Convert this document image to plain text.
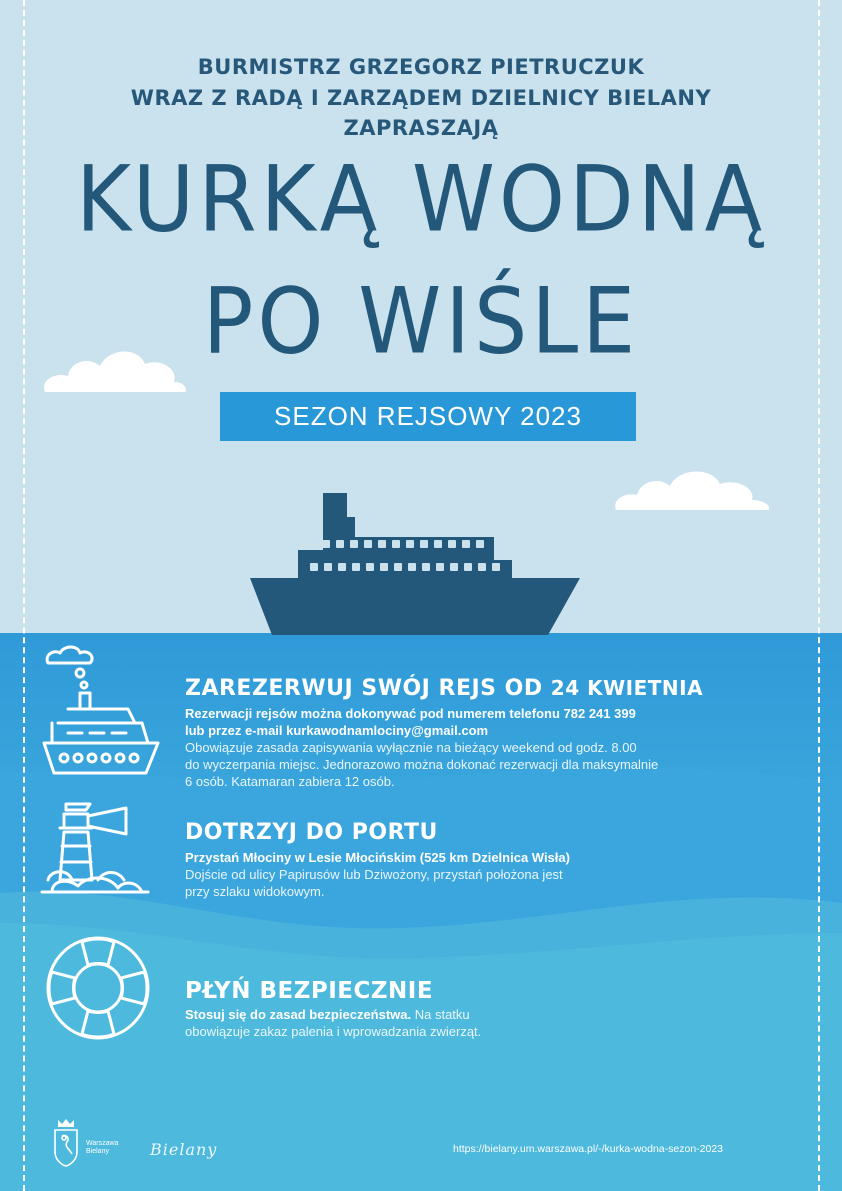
BURMISTRZ GRZEGORZ PIETRUCZUK
WRAZ Z RADĄ I ZARZĄDEM DZIELNICY BIELANY
ZAPRASZAJĄ
KURKĄ WODNĄ
PO WIŚLE
SEZON REJSOWY 2023
ZAREZERWUJ SWÓJ REJS OD 24 KWIETNIA
Rezerwacji rejsów można dokonywać pod numerem telefonu 782 241 399
lub przez e-mail kurkawodnamlociny@gmail.com
Obowiązuje zasada zapisywania wyłącznie na bieżący weekend od godz. 8.00
do wyczerpania miejsc. Jednorazowo można dokonać rezerwacji dla maksymalnie
6 osób. Katamaran zabiera 12 osób.
DOTRZYJ DO PORTU
Przystań Młociny w Lesie Młocińskim (525 km Dzielnica Wisła)
Dojście od ulicy Papirusów lub Dziwożony, przystań położona jest
przy szlaku widokowym.
PŁYŃ BEZPIECZNIE
Stosuj się do zasad bezpieczeństwa. Na statku
obowiązuje zakaz palenia i wprowadzania zwierząt.
Warszawa
Bielany	Bielany	https://bielany.um.warszawa.pl/-/kurka-wodna-sezon-2023
